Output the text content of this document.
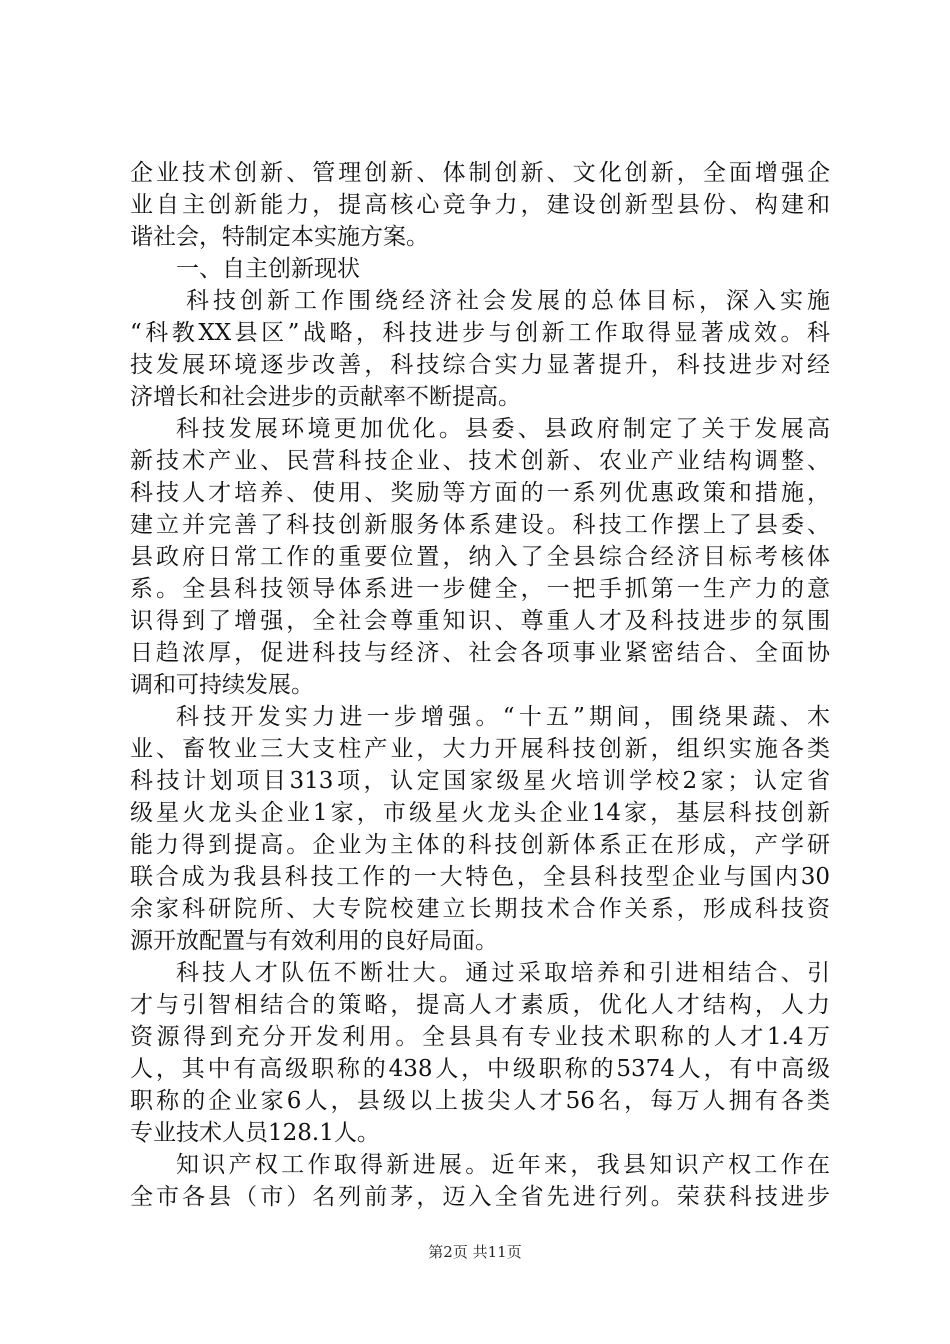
企业技术创新、管理创新、体制创新、文化创新，全面增强企
业自主创新能力，提高核心竞争力，建设创新型县份、构建和
谐社会，特制定本实施方案。
一、自主创新现状
科技创新工作围绕经济社会发展的总体目标，深入实施
“科教XX县区”战略，科技进步与创新工作取得显著成效。科
技发展环境逐步改善，科技综合实力显著提升，科技进步对经
济增长和社会进步的贡献率不断提高。
科技发展环境更加优化。县委、县政府制定了关于发展高
新技术产业、民营科技企业、技术创新、农业产业结构调整、
科技人才培养、使用、奖励等方面的一系列优惠政策和措施，
建立并完善了科技创新服务体系建设。科技工作摆上了县委、
县政府日常工作的重要位置，纳入了全县综合经济目标考核体
系。全县科技领导体系进一步健全，一把手抓第一生产力的意
识得到了增强，全社会尊重知识、尊重人才及科技进步的氛围
日趋浓厚，促进科技与经济、社会各项事业紧密结合、全面协
调和可持续发展。
科技开发实力进一步增强。“十五”期间，围绕果蔬、木
业、畜牧业三大支柱产业，大力开展科技创新，组织实施各类
科技计划项目313项，认定国家级星火培训学校2家；认定省
级星火龙头企业1家，市级星火龙头企业14家，基层科技创新
能力得到提高。企业为主体的科技创新体系正在形成，产学研
联合成为我县科技工作的一大特色，全县科技型企业与国内30
余家科研院所、大专院校建立长期技术合作关系，形成科技资
源开放配置与有效利用的良好局面。
科技人才队伍不断壮大。通过采取培养和引进相结合、引
才与引智相结合的策略，提高人才素质，优化人才结构，人力
资源得到充分开发利用。全县具有专业技术职称的人才1.4万
人，其中有高级职称的438人，中级职称的5374人，有中高级
职称的企业家6人，县级以上拔尖人才56名，每万人拥有各类
专业技术人员128.1人。
知识产权工作取得新进展。近年来，我县知识产权工作在
全市各县（市）名列前茅，迈入全省先进行列。荣获科技进步
第2页 共11页
